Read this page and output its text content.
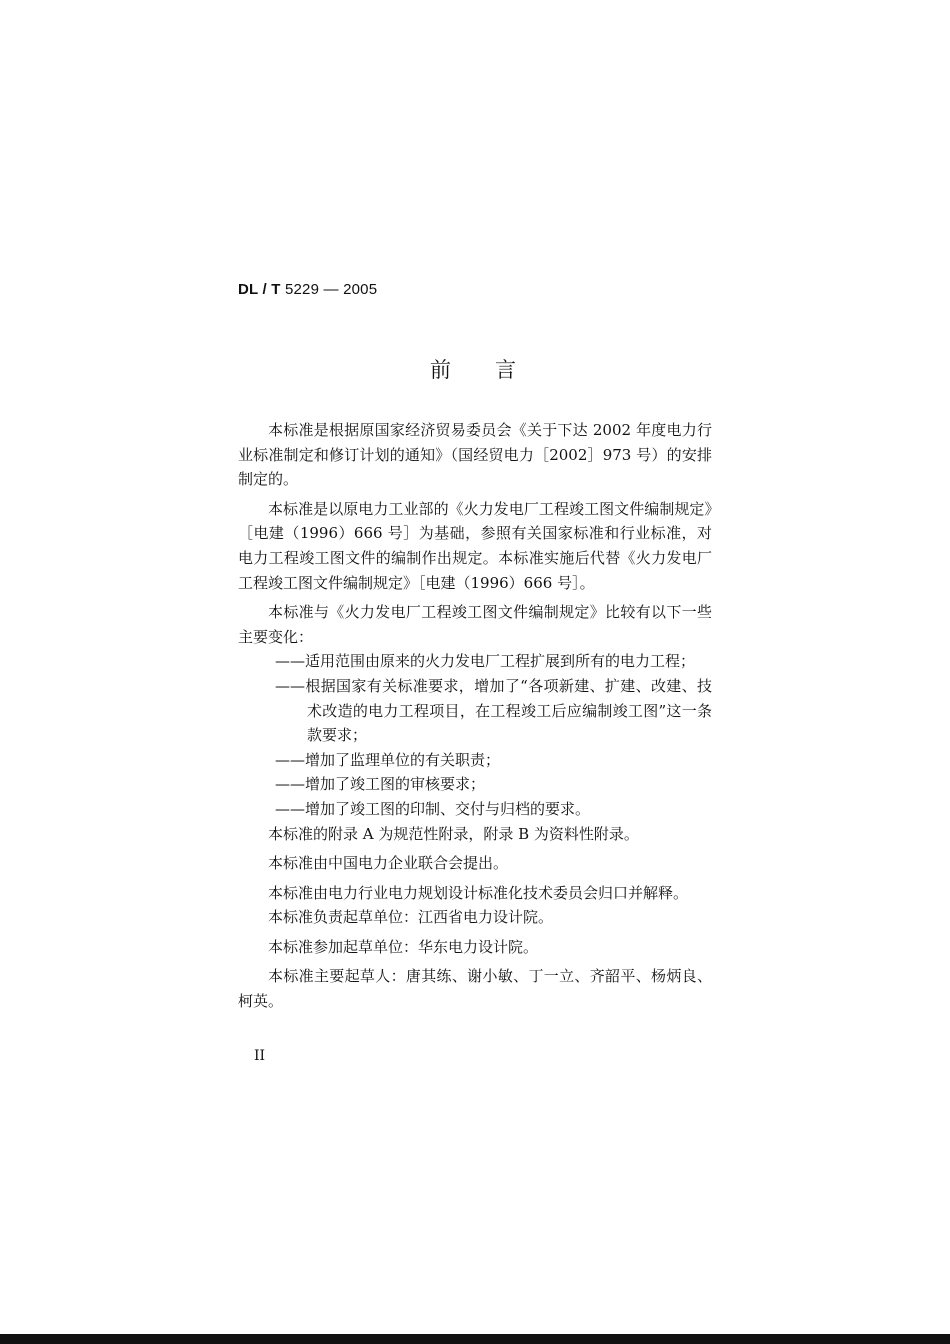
DL / T 5229 — 2005
前言

本标准是根据原国家经济贸易委员会《关于下达 2002 年度电力行业标准制定和修订计划的通知》（国经贸电力［2002］973 号）的安排制定的。

本标准是以原电力工业部的《火力发电厂工程竣工图文件编制规定》［电建（1996）666 号］为基础，参照有关国家标准和行业标准，对电力工程竣工图文件的编制作出规定。本标准实施后代替《火力发电厂工程竣工图文件编制规定》［电建（1996）666 号］。

本标准与《火力发电厂工程竣工图文件编制规定》比较有以下一些主要变化：

——适用范围由原来的火力发电厂工程扩展到所有的电力工程；
——根据国家有关标准要求，增加了“各项新建、扩建、改建、技术改造的电力工程项目，在工程竣工后应编制竣工图”这一条款要求；
——增加了监理单位的有关职责；
——增加了竣工图的审核要求；
——增加了竣工图的印制、交付与归档的要求。

本标准的附录 A 为规范性附录，附录 B 为资料性附录。

本标准由中国电力企业联合会提出。

本标准由电力行业电力规划设计标准化技术委员会归口并解释。

本标准负责起草单位：江西省电力设计院。

本标准参加起草单位：华东电力设计院。

本标准主要起草人：唐其练、谢小敏、丁一立、齐韶平、杨炳良、柯英。

II
